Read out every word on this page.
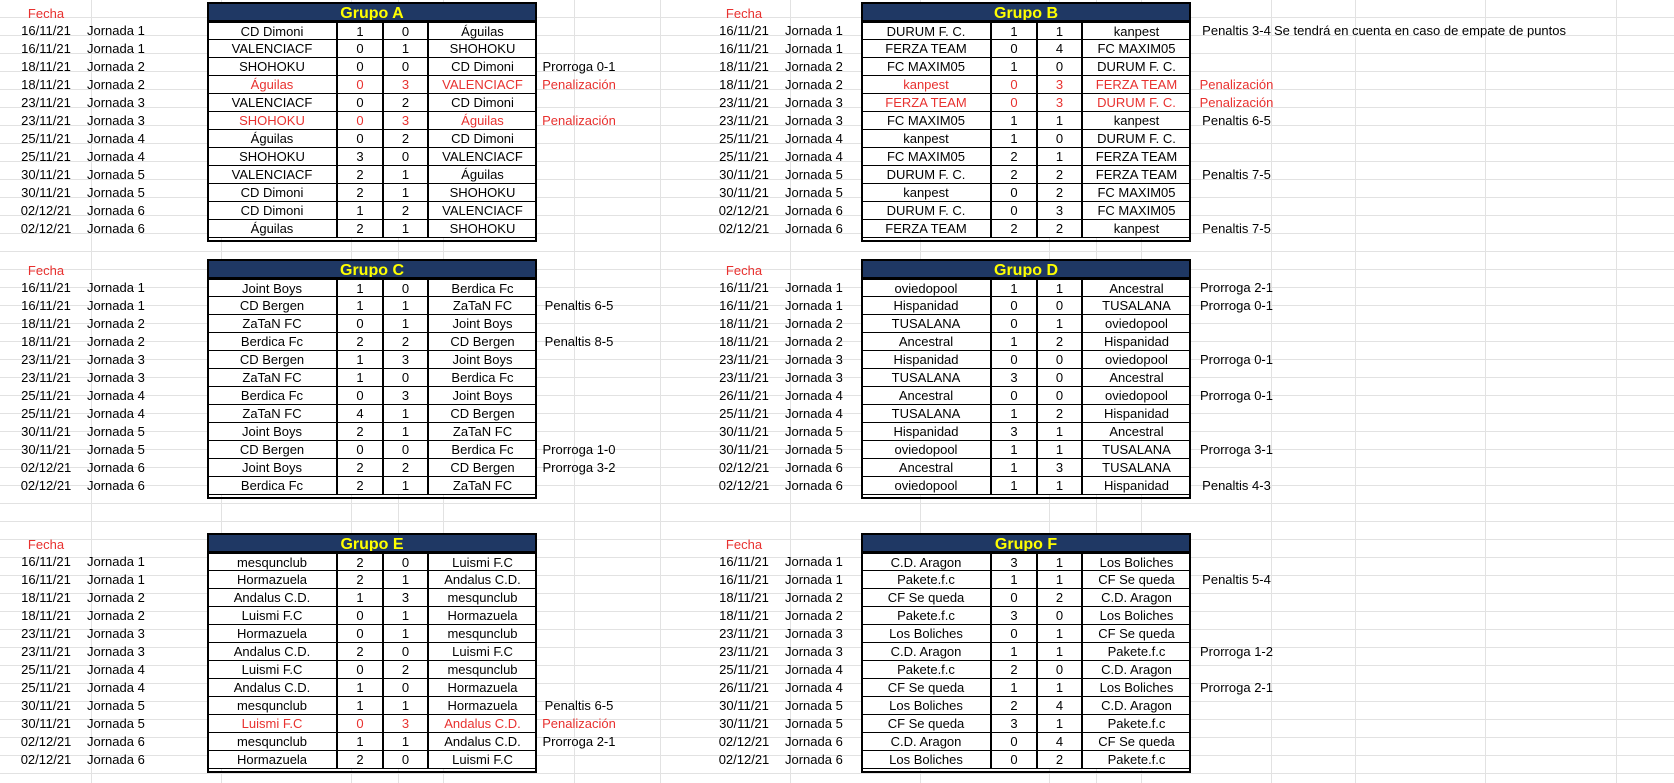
Fecha	Grupo A
16/11/21	Jornada 1	CD Dimoni	1	0	Águilas
16/11/21	Jornada 1	VALENCIACF	0	1	SHOHOKU
18/11/21	Jornada 2	SHOHOKU	0	0	CD Dimoni	Prorroga 0-1
18/11/21	Jornada 2	Águilas	0	3	VALENCIACF	Penalización
23/11/21	Jornada 3	VALENCIACF	0	2	CD Dimoni
23/11/21	Jornada 3	SHOHOKU	0	3	Águilas	Penalización
25/11/21	Jornada 4	Águilas	0	2	CD Dimoni
25/11/21	Jornada 4	SHOHOKU	3	0	VALENCIACF
30/11/21	Jornada 5	VALENCIACF	2	1	Águilas
30/11/21	Jornada 5	CD Dimoni	2	1	SHOHOKU
02/12/21	Jornada 6	CD Dimoni	1	2	VALENCIACF
02/12/21	Jornada 6	Águilas	2	1	SHOHOKU
Fecha	Grupo B
16/11/21	Jornada 1	DURUM F. C.	1	1	kanpest	Penaltis 3-4
16/11/21	Jornada 1	FERZA TEAM	0	4	FC MAXIM05
18/11/21	Jornada 2	FC MAXIM05	1	0	DURUM F. C.
18/11/21	Jornada 2	kanpest	0	3	FERZA TEAM	Penalización
23/11/21	Jornada 3	FERZA TEAM	0	3	DURUM F. C.	Penalización
23/11/21	Jornada 3	FC MAXIM05	1	1	kanpest	Penaltis 6-5
25/11/21	Jornada 4	kanpest	1	0	DURUM F. C.
25/11/21	Jornada 4	FC MAXIM05	2	1	FERZA TEAM
30/11/21	Jornada 5	DURUM F. C.	2	2	FERZA TEAM	Penaltis 7-5
30/11/21	Jornada 5	kanpest	0	2	FC MAXIM05
02/12/21	Jornada 6	DURUM F. C.	0	3	FC MAXIM05
02/12/21	Jornada 6	FERZA TEAM	2	2	kanpest	Penaltis 7-5
Fecha	Grupo C
16/11/21	Jornada 1	Joint Boys	1	0	Berdica Fc
16/11/21	Jornada 1	CD Bergen	1	1	ZaTaN FC	Penaltis 6-5
18/11/21	Jornada 2	ZaTaN FC	0	1	Joint Boys
18/11/21	Jornada 2	Berdica Fc	2	2	CD Bergen	Penaltis 8-5
23/11/21	Jornada 3	CD Bergen	1	3	Joint Boys
23/11/21	Jornada 3	ZaTaN FC	1	0	Berdica Fc
25/11/21	Jornada 4	Berdica Fc	0	3	Joint Boys
25/11/21	Jornada 4	ZaTaN FC	4	1	CD Bergen
30/11/21	Jornada 5	Joint Boys	2	1	ZaTaN FC
30/11/21	Jornada 5	CD Bergen	0	0	Berdica Fc	Prorroga 1-0
02/12/21	Jornada 6	Joint Boys	2	2	CD Bergen	Prorroga 3-2
02/12/21	Jornada 6	Berdica Fc	2	1	ZaTaN FC
Fecha	Grupo D
16/11/21	Jornada 1	oviedopool	1	1	Ancestral	Prorroga 2-1
16/11/21	Jornada 1	Hispanidad	0	0	TUSALANA	Prorroga 0-1
18/11/21	Jornada 2	TUSALANA	0	1	oviedopool
18/11/21	Jornada 2	Ancestral	1	2	Hispanidad
23/11/21	Jornada 3	Hispanidad	0	0	oviedopool	Prorroga 0-1
23/11/21	Jornada 3	TUSALANA	3	0	Ancestral
26/11/21	Jornada 4	Ancestral	0	0	oviedopool	Prorroga 0-1
25/11/21	Jornada 4	TUSALANA	1	2	Hispanidad
30/11/21	Jornada 5	Hispanidad	3	1	Ancestral
30/11/21	Jornada 5	oviedopool	1	1	TUSALANA	Prorroga 3-1
02/12/21	Jornada 6	Ancestral	1	3	TUSALANA
02/12/21	Jornada 6	oviedopool	1	1	Hispanidad	Penaltis 4-3
Fecha	Grupo E
16/11/21	Jornada 1	mesqunclub	2	0	Luismi F.C
16/11/21	Jornada 1	Hormazuela	2	1	Andalus C.D.
18/11/21	Jornada 2	Andalus C.D.	1	3	mesqunclub
18/11/21	Jornada 2	Luismi F.C	0	1	Hormazuela
23/11/21	Jornada 3	Hormazuela	0	1	mesqunclub
23/11/21	Jornada 3	Andalus C.D.	2	0	Luismi F.C
25/11/21	Jornada 4	Luismi F.C	0	2	mesqunclub
25/11/21	Jornada 4	Andalus C.D.	1	0	Hormazuela
30/11/21	Jornada 5	mesqunclub	1	1	Hormazuela	Penaltis 6-5
30/11/21	Jornada 5	Luismi F.C	0	3	Andalus C.D.	Penalización
02/12/21	Jornada 6	mesqunclub	1	1	Andalus C.D.	Prorroga 2-1
02/12/21	Jornada 6	Hormazuela	2	0	Luismi F.C
Fecha	Grupo F
16/11/21	Jornada 1	C.D. Aragon	3	1	Los Boliches
16/11/21	Jornada 1	Pakete.f.c	1	1	CF Se queda	Penaltis 5-4
18/11/21	Jornada 2	CF Se queda	0	2	C.D. Aragon
18/11/21	Jornada 2	Pakete.f.c	3	0	Los Boliches
23/11/21	Jornada 3	Los Boliches	0	1	CF Se queda
23/11/21	Jornada 3	C.D. Aragon	1	1	Pakete.f.c	Prorroga 1-2
25/11/21	Jornada 4	Pakete.f.c	2	0	C.D. Aragon
26/11/21	Jornada 4	CF Se queda	1	1	Los Boliches	Prorroga 2-1
30/11/21	Jornada 5	Los Boliches	2	4	C.D. Aragon
30/11/21	Jornada 5	CF Se queda	3	1	Pakete.f.c
02/12/21	Jornada 6	C.D. Aragon	0	4	CF Se queda
02/12/21	Jornada 6	Los Boliches	0	2	Pakete.f.c
Se tendrá en cuenta en caso de empate de puntos
